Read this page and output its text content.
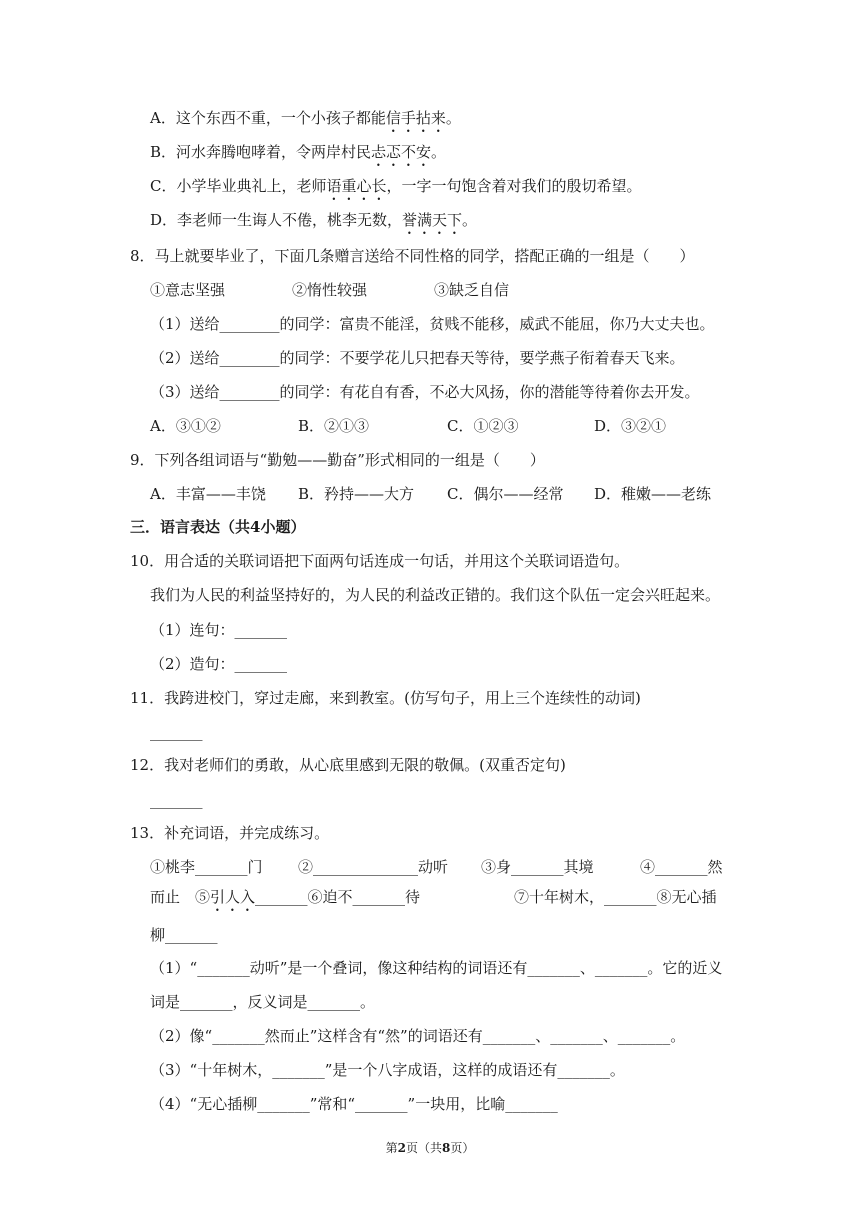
A．这个东西不重，一个小孩子都能信手拈来。
B．河水奔腾咆哮着，令两岸村民忐忑不安。
C．小学毕业典礼上，老师语重心长，一字一句饱含着对我们的殷切希望。
D．李老师一生诲人不倦，桃李无数，誉满天下。
8．马上就要毕业了，下面几条赠言送给不同性格的同学，搭配正确的一组是（　　）
①意志坚强	②惰性较强	③缺乏自信
（1）送给________的同学：富贵不能淫，贫贱不能移，威武不能屈，你乃大丈夫也。
（2）送给________的同学：不要学花儿只把春天等待，要学燕子衔着春天飞来。
（3）送给________的同学：有花自有香，不必大风扬，你的潜能等待着你去开发。
A．③①②	B．②①③	C．①②③	D．③②①
9．下列各组词语与“勤勉——勤奋”形式相同的一组是（　　）
A．丰富——丰饶 B．矜持——大方 C．偶尔——经常 D．稚嫩——老练
三．语言表达（共4小题）
10．用合适的关联词语把下面两句话连成一句话，并用这个关联词语造句。
我们为人民的利益坚持好的，为人民的利益改正错的。我们这个队伍一定会兴旺起来。
（1）连句：_______
（2）造句：_______
11．我跨进校门，穿过走廊，来到教室。(仿写句子，用上三个连续性的动词)
_______
12．我对老师们的勇敢，从心底里感到无限的敬佩。(双重否定句)
_______
13．补充词语，并完成练习。
①桃李_______门 ②______________动听 ③身_______其境	④_______然
而止 ⑤引人入_______⑥迫不_______待	⑦十年树木，_______⑧无心插
柳_______
（1）“_______动听”是一个叠词，像这种结构的词语还有_______、_______。它的近义
词是_______，反义词是_______。
（2）像“_______然而止”这样含有“然”的词语还有_______、_______、_______。
（3）“十年树木，_______”是一个八字成语，这样的成语还有_______。
（4）“无心插柳_______”常和“_______”一块用，比喻_______
第2页（共8页）
